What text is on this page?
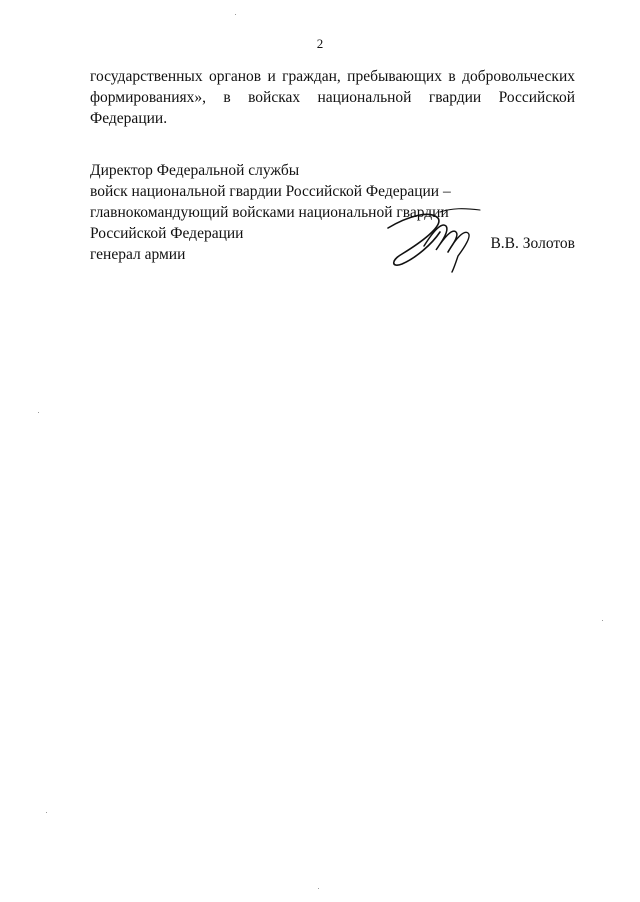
2

государственных органов и граждан, пребывающих в добровольческих
формированиях», в войсках национальной гвардии Российской
Федерации.

Директор Федеральной службы
войск национальной гвардии Российской Федерации –
главнокомандующий войсками национальной гвардии
Российской Федерации
генерал армии
В.В. Золотов
